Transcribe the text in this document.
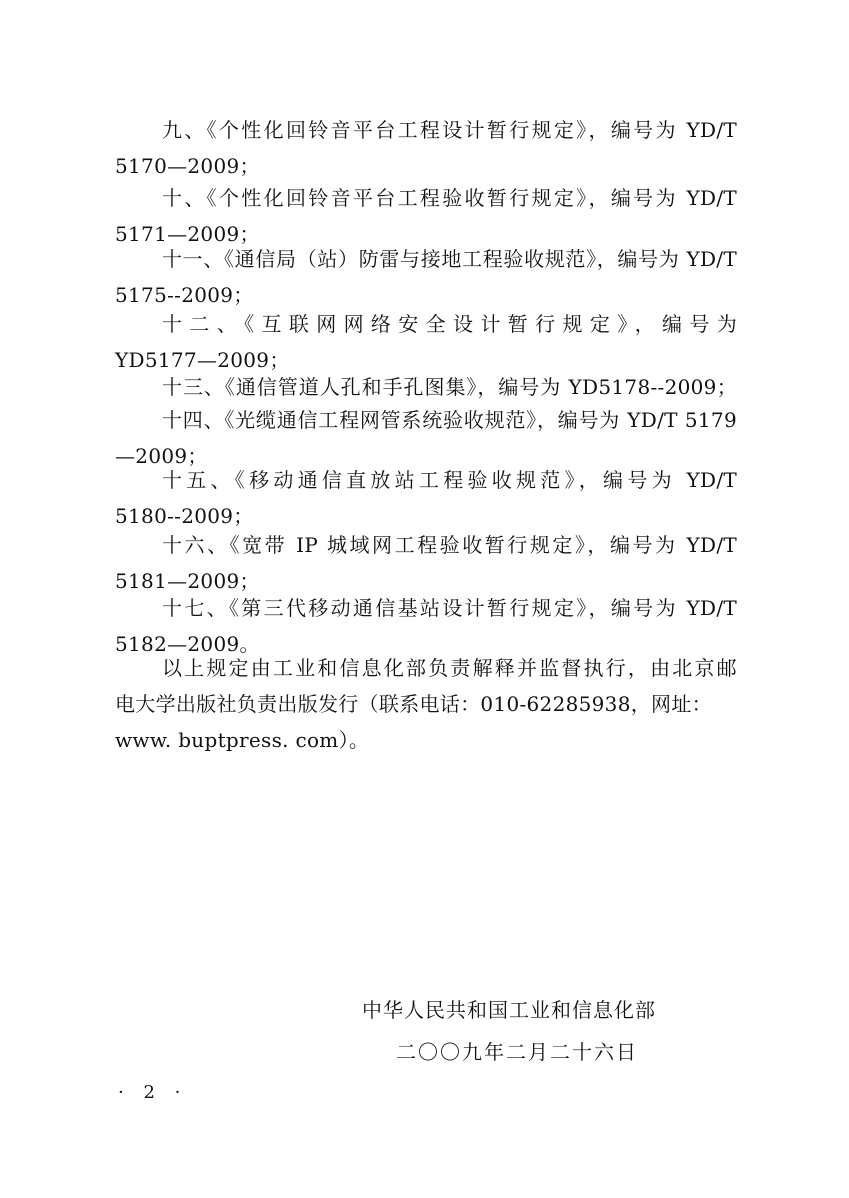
九、《个性化回铃音平台工程设计暂行规定》，编号为 YD/T
5170—2009；
十、《个性化回铃音平台工程验收暂行规定》，编号为 YD/T
5171—2009；
十一、《通信局（站）防雷与接地工程验收规范》，编号为 YD/T
5175--2009；
十二、《互联网网络安全设计暂行规定》，编号为
YD5177—2009；
十三、《通信管道人孔和手孔图集》，编号为 YD5178--2009；
十四、《光缆通信工程网管系统验收规范》，编号为 YD/T 5179
—2009；
十五、《移动通信直放站工程验收规范》，编号为 YD/T
5180--2009；
十六、《宽带 IP 城域网工程验收暂行规定》，编号为 YD/T
5181—2009；
十七、《第三代移动通信基站设计暂行规定》，编号为 YD/T
5182—2009。
以上规定由工业和信息化部负责解释并监督执行，由北京邮
电大学出版社负责出版发行（联系电话：010-62285938，网址：
www. buptpress. com）。
中华人民共和国工业和信息化部
二〇〇九年二月二十六日
· 2 ·
